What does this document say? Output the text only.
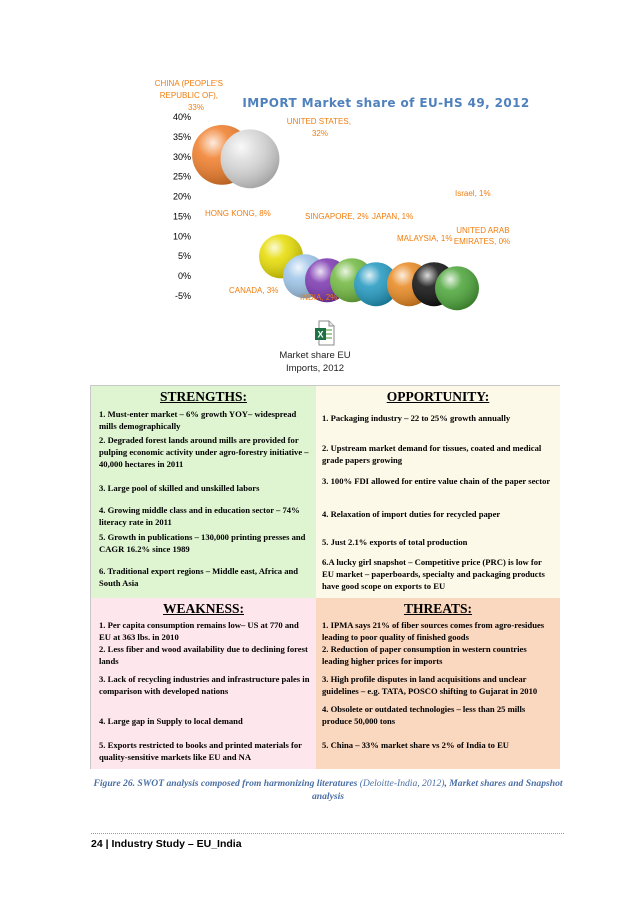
IMPORT Market share of EU-HS 49, 2012
40%
35%
30%
25%
20%
15%
10%
5%
0%
-5%
CHINA (PEOPLE'S REPUBLIC OF), 33%
UNITED STATES, 32%
HONG KONG, 8%
CANADA, 3%
INDIA, 2%
SINGAPORE, 2% JAPAN, 1%
MALAYSIA, 1%
Israel, 1%
UNITED ARAB EMIRATES, 0%
X
Market share EU
Imports, 2012
STRENGTHS:
1. Must-enter market – 6% growth YOY– widespread mills demographically
2. Degraded forest lands around mills are provided for pulping economic activity under agro-forestry initiative – 40,000 hectares in 2011
3. Large pool of skilled and unskilled labors
4. Growing middle class and in education sector – 74% literacy rate in 2011
5. Growth in publications – 130,000 printing presses and CAGR 16.2% since 1989
6. Traditional export regions – Middle east, Africa and South Asia
OPPORTUNITY:
1. Packaging industry – 22 to 25% growth annually
2. Upstream market demand for tissues, coated and medical grade papers growing
3. 100% FDI allowed for entire value chain of the paper sector
4. Relaxation of import duties for recycled paper
5. Just 2.1% exports of total production
6.A lucky girl snapshot – Competitive price (PRC) is low for EU market – paperboards, specialty and packaging products have good scope on exports to EU
WEAKNESS:
1. Per capita consumption remains low– US at 770 and EU at 363 lbs. in 2010
2. Less fiber and wood availability due to declining forest lands
3. Lack of recycling industries and infrastructure pales in comparison with developed nations
4. Large gap in Supply to local demand
5. Exports restricted to books and printed materials for quality-sensitive markets like EU and NA
THREATS:
1. IPMA says 21% of fiber sources comes from agro-residues leading to poor quality of finished goods
2. Reduction of paper consumption in western countries leading higher prices for imports
3. High profile disputes in land acquisitions and unclear guidelines – e.g. TATA, POSCO shifting to Gujarat in 2010
4. Obsolete or outdated technologies – less than 25 mills produce 50,000 tons
5. China – 33% market share vs 2% of India to EU
Figure 26. SWOT analysis composed from harmonizing literatures (Deloitte-India, 2012), Market shares and Snapshot analysis
24 | Industry Study – EU_India
